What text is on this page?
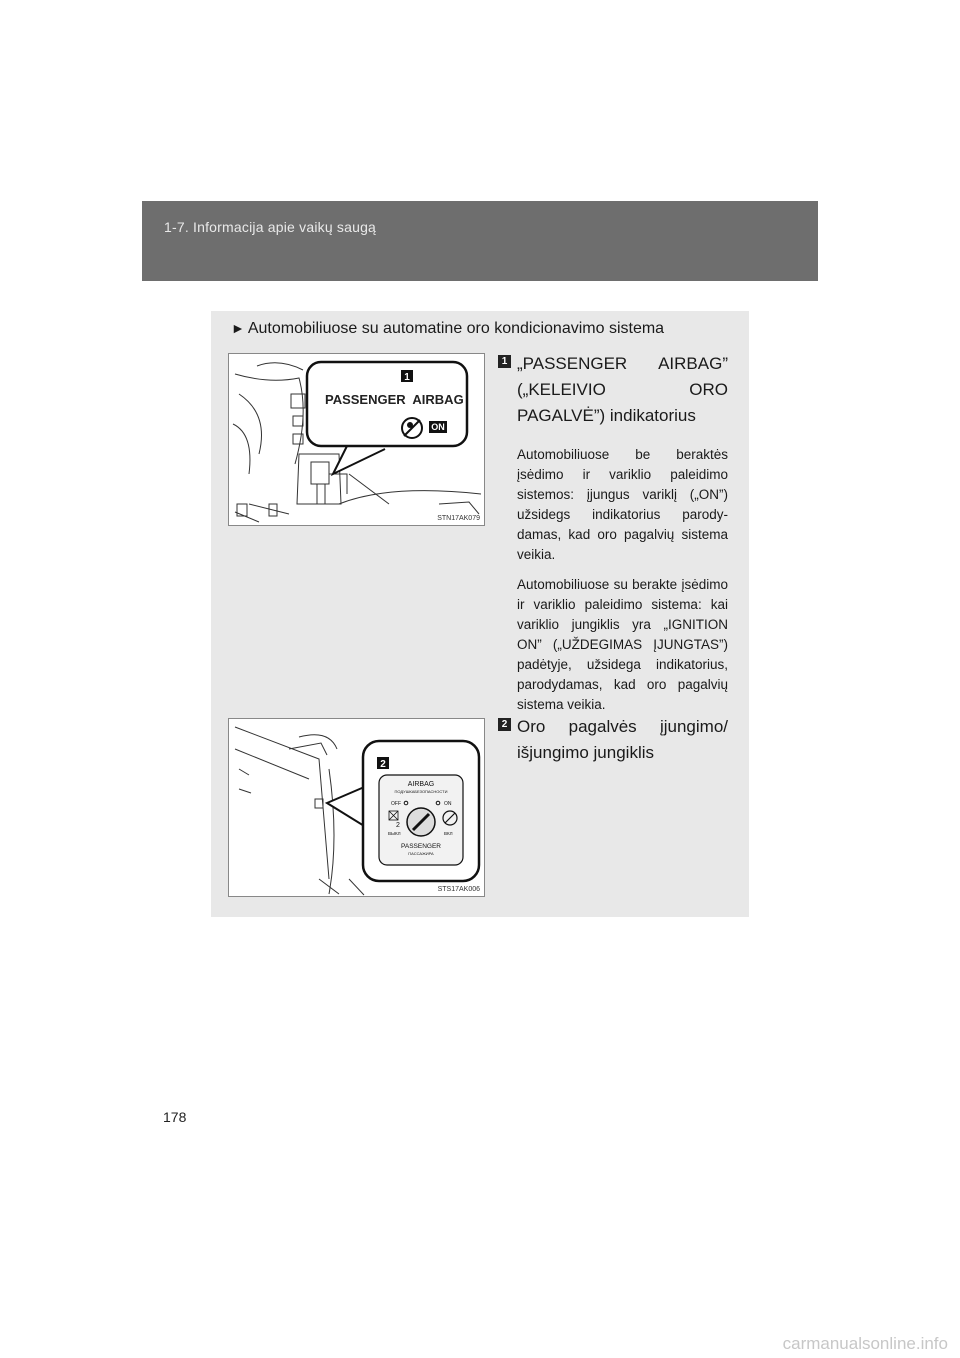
1-7. Informacija apie vaikų saugą
► Automobiliuose su automatine oro kondicionavimo sistema
1
PASSENGER  AIRBAG
ON
STN17AK079
2
AIRBAG
ПОДУШКАБЕЗОПАСНОСТИ
OFF	ON
2
ВЫКЛ	ВКЛ
PASSENGER
ПАССАЖИРА
STS17AK006
1 „PASSENGER AIRBAG” („KELEIVIO ORO PAGALVĖ”) indikatorius

Automobiliuose be beraktės įsėdimo ir variklio paleidimo sistemos: įjungus variklį („ON”) užsidegs indikatorius parodydamas, kad oro pagalvių sistema veikia.

Automobiliuose su berakte įsėdimo ir variklio paleidimo sistema: kai variklio jungiklis yra „IGNITION ON” („UŽDEGIMAS ĮJUNGTAS”) padėtyje, užsidega indikatorius, parodydamas, kad oro pagalvių sistema veikia.

2 Oro pagalvės įjungimo/ išjungimo jungiklis
178
carmanualsonline.info
